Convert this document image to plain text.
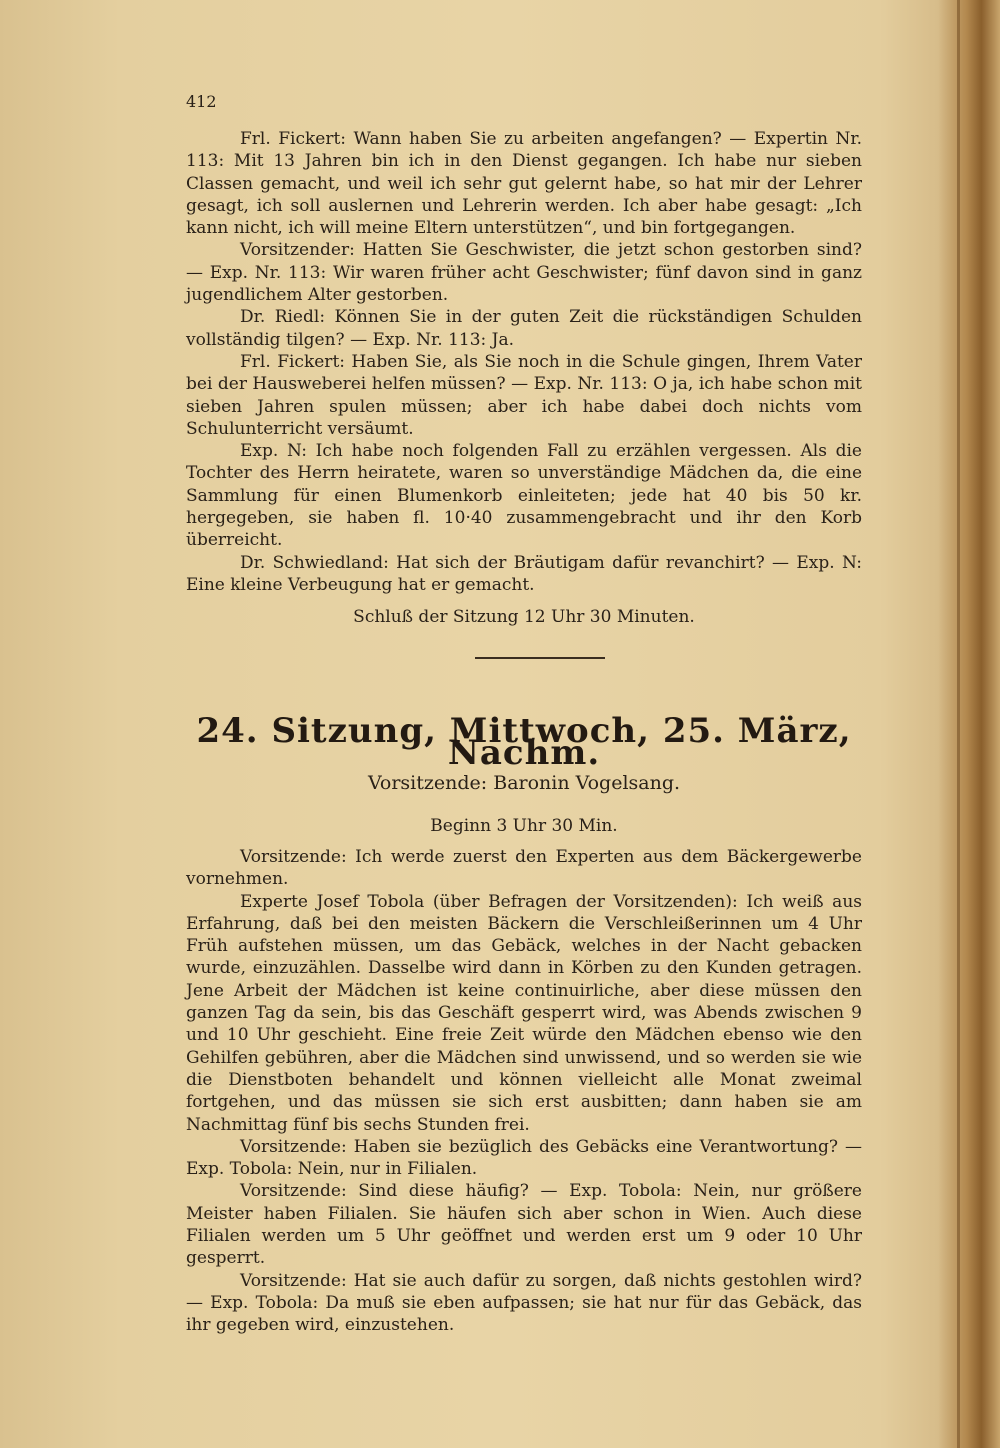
412

Frl. Fickert: Wann haben Sie zu arbeiten angefangen? — Expertin Nr. 113: Mit 13 Jahren bin ich in den Dienst gegangen. Ich habe nur sieben Classen gemacht, und weil ich sehr gut gelernt habe, so hat mir der Lehrer gesagt, ich soll auslernen und Lehrerin werden. Ich aber habe gesagt: „Ich kann nicht, ich will meine Eltern unterstützen“, und bin fortgegangen.

Vorsitzender: Hatten Sie Geschwister, die jetzt schon gestorben sind? — Exp. Nr. 113: Wir waren früher acht Geschwister; fünf davon sind in ganz jugendlichem Alter gestorben.

Dr. Riedl: Können Sie in der guten Zeit die rückständigen Schulden vollständig tilgen? — Exp. Nr. 113: Ja.

Frl. Fickert: Haben Sie, als Sie noch in die Schule gingen, Ihrem Vater bei der Hausweberei helfen müssen? — Exp. Nr. 113: O ja, ich habe schon mit sieben Jahren spulen müssen; aber ich habe dabei doch nichts vom Schulunterricht versäumt.

Exp. N: Ich habe noch folgenden Fall zu erzählen vergessen. Als die Tochter des Herrn heiratete, waren so unverständige Mädchen da, die eine Sammlung für einen Blumenkorb einleiteten; jede hat 40 bis 50 kr. hergegeben, sie haben fl. 10·40 zusammengebracht und ihr den Korb überreicht.

Dr. Schwiedland: Hat sich der Bräutigam dafür revanchirt? — Exp. N: Eine kleine Verbeugung hat er gemacht.

Schluß der Sitzung 12 Uhr 30 Minuten.

24. Sitzung, Mittwoch, 25. März, Nachm.
Vorsitzende: Baronin Vogelsang.
Beginn 3 Uhr 30 Min.

Vorsitzende: Ich werde zuerst den Experten aus dem Bäckergewerbe vornehmen.

Experte Josef Tobola (über Befragen der Vorsitzenden): Ich weiß aus Erfahrung, daß bei den meisten Bäckern die Verschleißerinnen um 4 Uhr Früh aufstehen müssen, um das Gebäck, welches in der Nacht gebacken wurde, einzuzählen. Dasselbe wird dann in Körben zu den Kunden getragen. Jene Arbeit der Mädchen ist keine continuirliche, aber diese müssen den ganzen Tag da sein, bis das Geschäft gesperrt wird, was Abends zwischen 9 und 10 Uhr geschieht. Eine freie Zeit würde den Mädchen ebenso wie den Gehilfen gebühren, aber die Mädchen sind unwissend, und so werden sie wie die Dienstboten behandelt und können vielleicht alle Monat zweimal fortgehen, und das müssen sie sich erst ausbitten; dann haben sie am Nachmittag fünf bis sechs Stunden frei.

Vorsitzende: Haben sie bezüglich des Gebäcks eine Verantwortung? — Exp. Tobola: Nein, nur in Filialen.

Vorsitzende: Sind diese häufig? — Exp. Tobola: Nein, nur größere Meister haben Filialen. Sie häufen sich aber schon in Wien. Auch diese Filialen werden um 5 Uhr geöffnet und werden erst um 9 oder 10 Uhr gesperrt.

Vorsitzende: Hat sie auch dafür zu sorgen, daß nichts gestohlen wird? — Exp. Tobola: Da muß sie eben aufpassen; sie hat nur für das Gebäck, das ihr gegeben wird, einzustehen.
